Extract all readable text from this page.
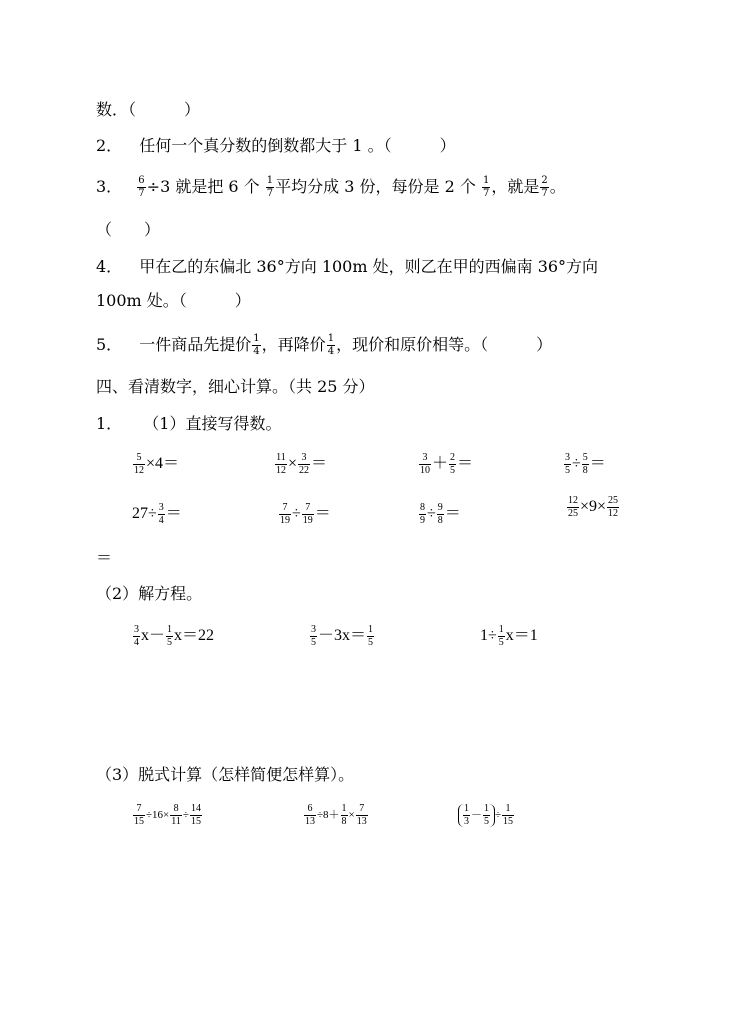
数．（　　　）
2． 任何一个真分数的倒数都大于 1 。（　　　）
3． $\frac{6}{7} \div 3$ 就是把 6 个 $\frac{1}{7}$ 平均分成 3 份，每份是 2 个 $\frac{1}{7}$ ，就是 $\frac{2}{7}$ 。
（　　）
4． 甲在乙的东偏北 36°方向 100m 处，则乙在甲的西偏南 36°方向
100m 处。（　　　）
5． 一件商品先提价 $\frac{1}{4}$ ，再降价 $\frac{1}{4}$ ，现价和原价相等。（　　　）
四、看清数字，细心计算。（共 25 分）
1． （1）直接写得数。
$\frac{5}{12} \times 4=$	$\frac{11}{12} \times \frac{3}{22}$ ＝	$\frac{3}{10} + \frac{2}{5}$ ＝	$\frac{3}{5} \div \frac{5}{8}$ ＝
$27\div \frac{3}{4}$ ＝	$\frac{7}{19} \div \frac{7}{19}$ ＝	$\frac{8}{9} \div \frac{9}{8}$ ＝	$\frac{12}{25} \times 9\times \frac{25}{12}$
＝
（2）解方程。
$\frac{3}{4} x- \frac{1}{5} x=22$	$\frac{3}{5} -3x= \frac{1}{5}$	$1\div \frac{1}{5} x=1$
（3）脱式计算（怎样简便怎样算）。
$\frac{7}{15} \div 16\times \frac{8}{11} \div \frac{14}{15}$	$\frac{6}{13} \div 8+ \frac{1}{8} \times \frac{7}{13}$	$\frac{1}{3} - \frac{1}{5} \div \frac{1}{15}$
